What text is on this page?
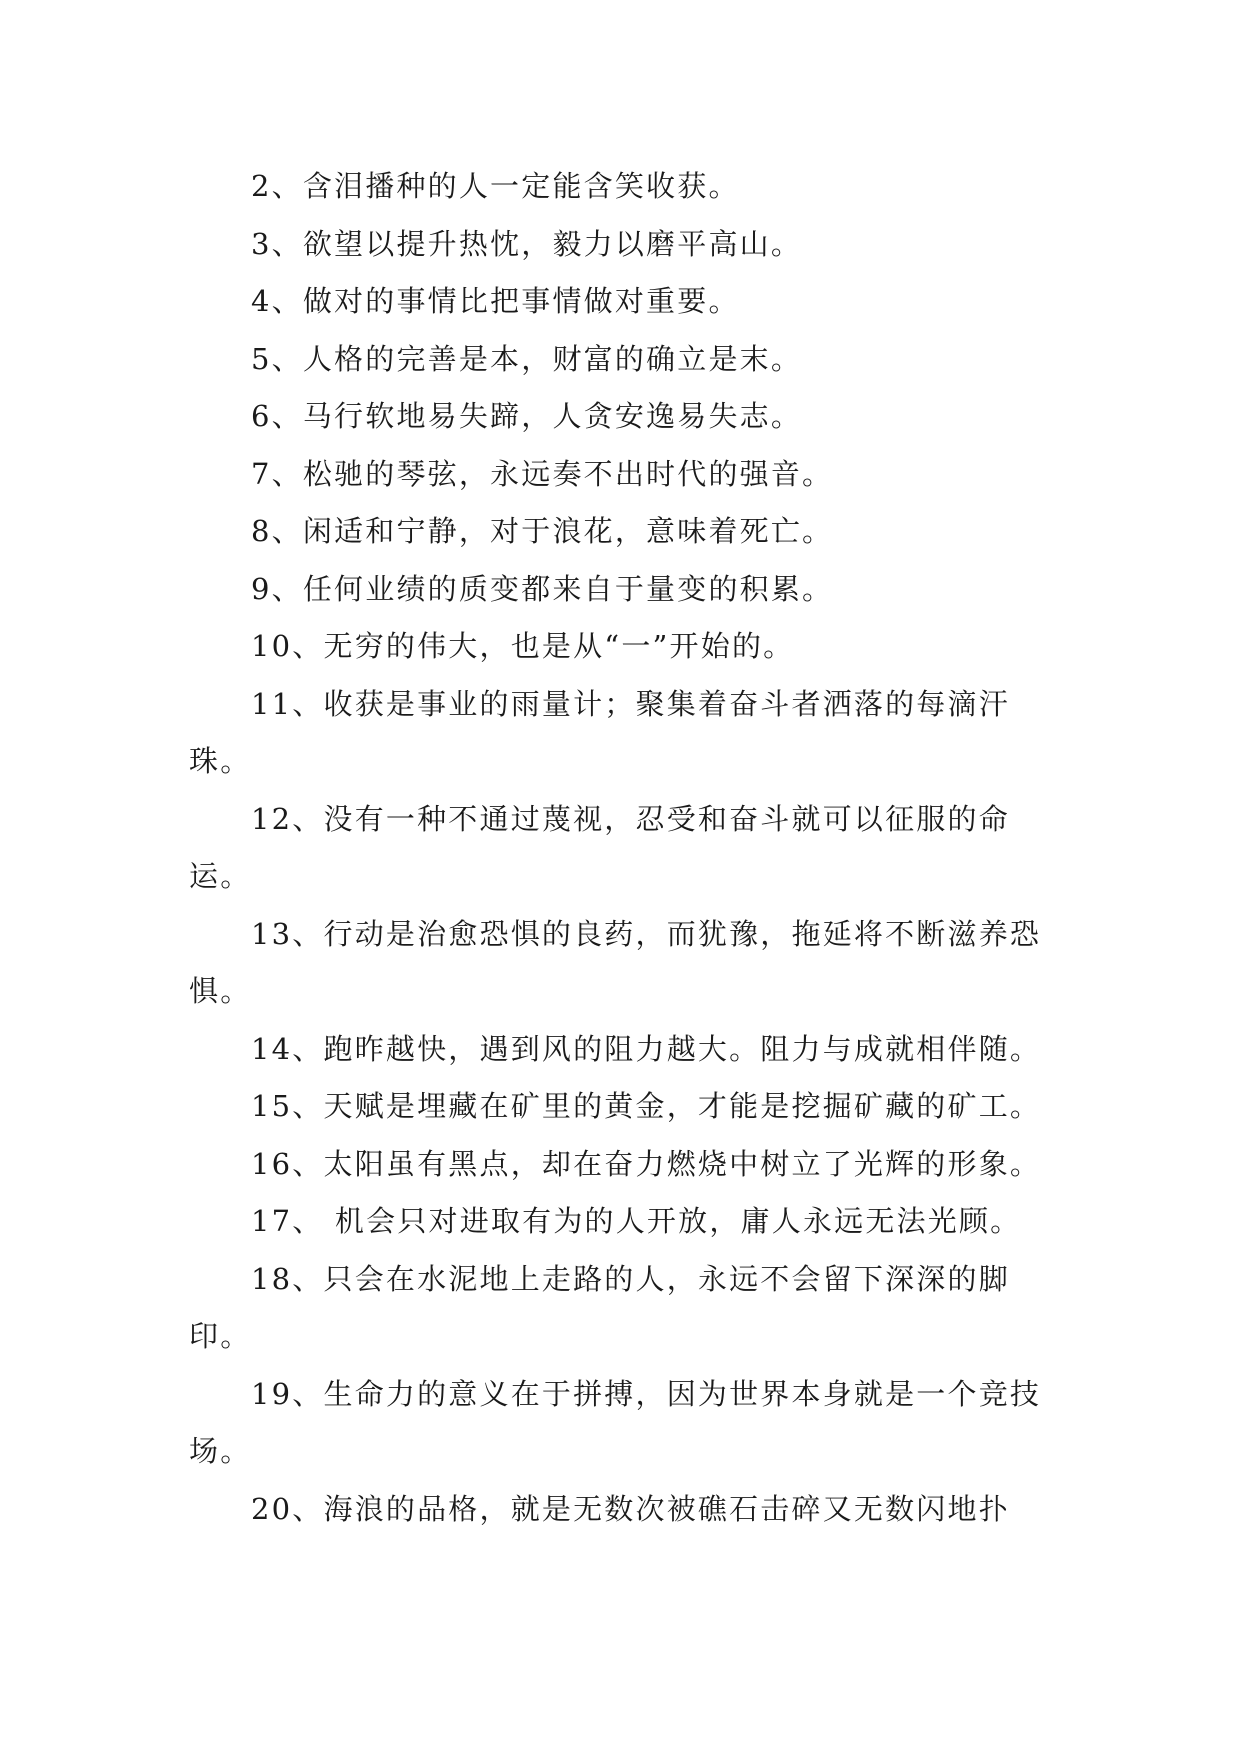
2、含泪播种的人一定能含笑收获。

3、欲望以提升热忱，毅力以磨平高山。

4、做对的事情比把事情做对重要。

5、人格的完善是本，财富的确立是末。

6、马行软地易失蹄，人贪安逸易失志。

7、松驰的琴弦，永远奏不出时代的强音。

8、闲适和宁静，对于浪花，意味着死亡。

9、任何业绩的质变都来自于量变的积累。

10、无穷的伟大，也是从“一”开始的。

11、收获是事业的雨量计；聚集着奋斗者洒落的每滴汗珠。

12、没有一种不通过蔑视，忍受和奋斗就可以征服的命运。

13、行动是治愈恐惧的良药，而犹豫，拖延将不断滋养恐惧。

14、跑昨越快，遇到风的阻力越大。阻力与成就相伴随。

15、天赋是埋藏在矿里的黄金，才能是挖掘矿藏的矿工。

16、太阳虽有黑点，却在奋力燃烧中树立了光辉的形象。

17、 机会只对进取有为的人开放，庸人永远无法光顾。

18、只会在水泥地上走路的人，永远不会留下深深的脚印。

19、生命力的意义在于拼搏，因为世界本身就是一个竞技场。

20、海浪的品格，就是无数次被礁石击碎又无数闪地扑
